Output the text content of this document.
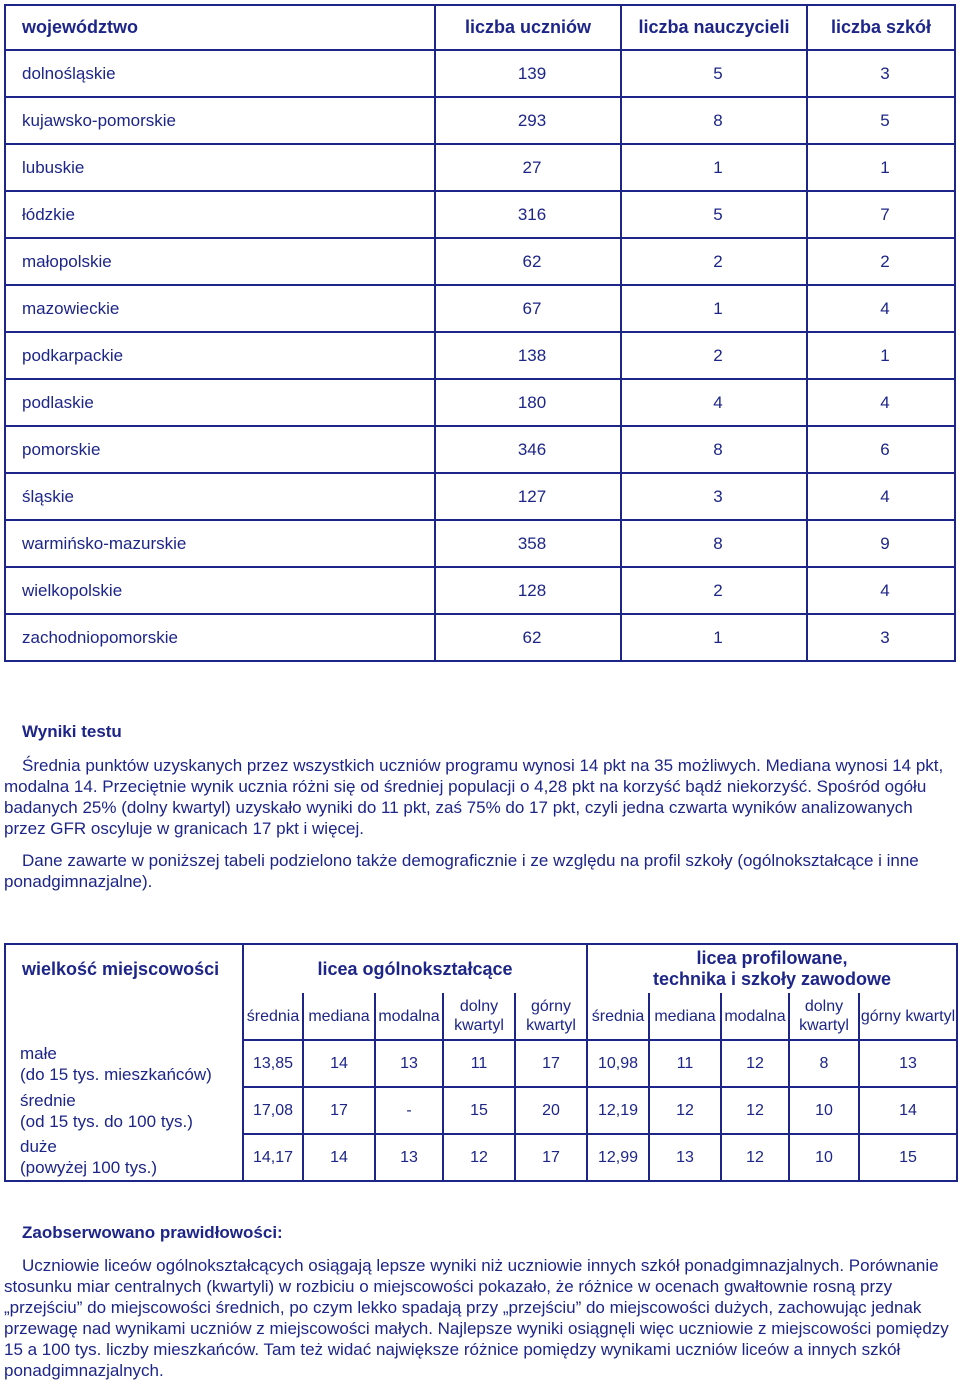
województwo	liczba uczniów	liczba nauczycieli	liczba szkół
dolnośląskie	139	5	3
kujawsko-pomorskie	293	8	5
lubuskie	27	1	1
łódzkie	316	5	7
małopolskie	62	2	2
mazowieckie	67	1	4
podkarpackie	138	2	1
podlaskie	180	4	4
pomorskie	346	8	6
śląskie	127	3	4
warmińsko-mazurskie	358	8	9
wielkopolskie	128	2	4
zachodniopomorskie	62	1	3
Wyniki testu
Średnia punktów uzyskanych przez wszystkich uczniów programu wynosi 14 pkt na 35 możliwych. Mediana wynosi 14 pkt, modalna 14. Przeciętnie wynik ucznia różni się od średniej populacji o 4,28 pkt na korzyść bądź niekorzyść. Spośród ogółu badanych 25% (dolny kwartyl) uzyskało wyniki do 11 pkt, zaś 75% do 17 pkt, czyli jedna czwarta wyników analizowanych przez GFR oscyluje w granicach 17 pkt i więcej.
Dane zawarte w poniższej tabeli podzielono także demograficznie i ze względu na profil szkoły (ogólnokształcące i inne ponadgimnazjalne).
wielkość miejscowości	licea ogólnokształcące					licea profilowane,
technika i szkoły zawodowe				
	średnia	mediana	modalna	dolny kwartyl	górny kwartyl	średnia	mediana	modalna	dolny kwartyl	górny kwartyl
małe
(do 15 tys. mieszkańców)	13,85	14	13	11	17	10,98	11	12	8	13
średnie
(od 15 tys. do 100 tys.)	17,08	17	-	15	20	12,19	12	12	10	14
duże
(powyżej 100 tys.)	14,17	14	13	12	17	12,99	13	12	10	15
Zaobserwowano prawidłowości:
Uczniowie liceów ogólnokształcących osiągają lepsze wyniki niż uczniowie innych szkół ponadgimnazjalnych. Porównanie stosunku miar centralnych (kwartyli) w rozbiciu o miejscowości pokazało, że różnice w ocenach gwałtownie rosną przy „przejściu” do miejscowości średnich, po czym lekko spadają przy „przejściu” do miejscowości dużych, zachowując jednak przewagę nad wynikami uczniów z miejscowości małych. Najlepsze wyniki osiągnęli więc uczniowie z miejscowości pomiędzy 15 a 100 tys. liczby mieszkańców. Tam też widać największe różnice pomiędzy wynikami uczniów liceów a innych szkół ponadgimnazjalnych.
